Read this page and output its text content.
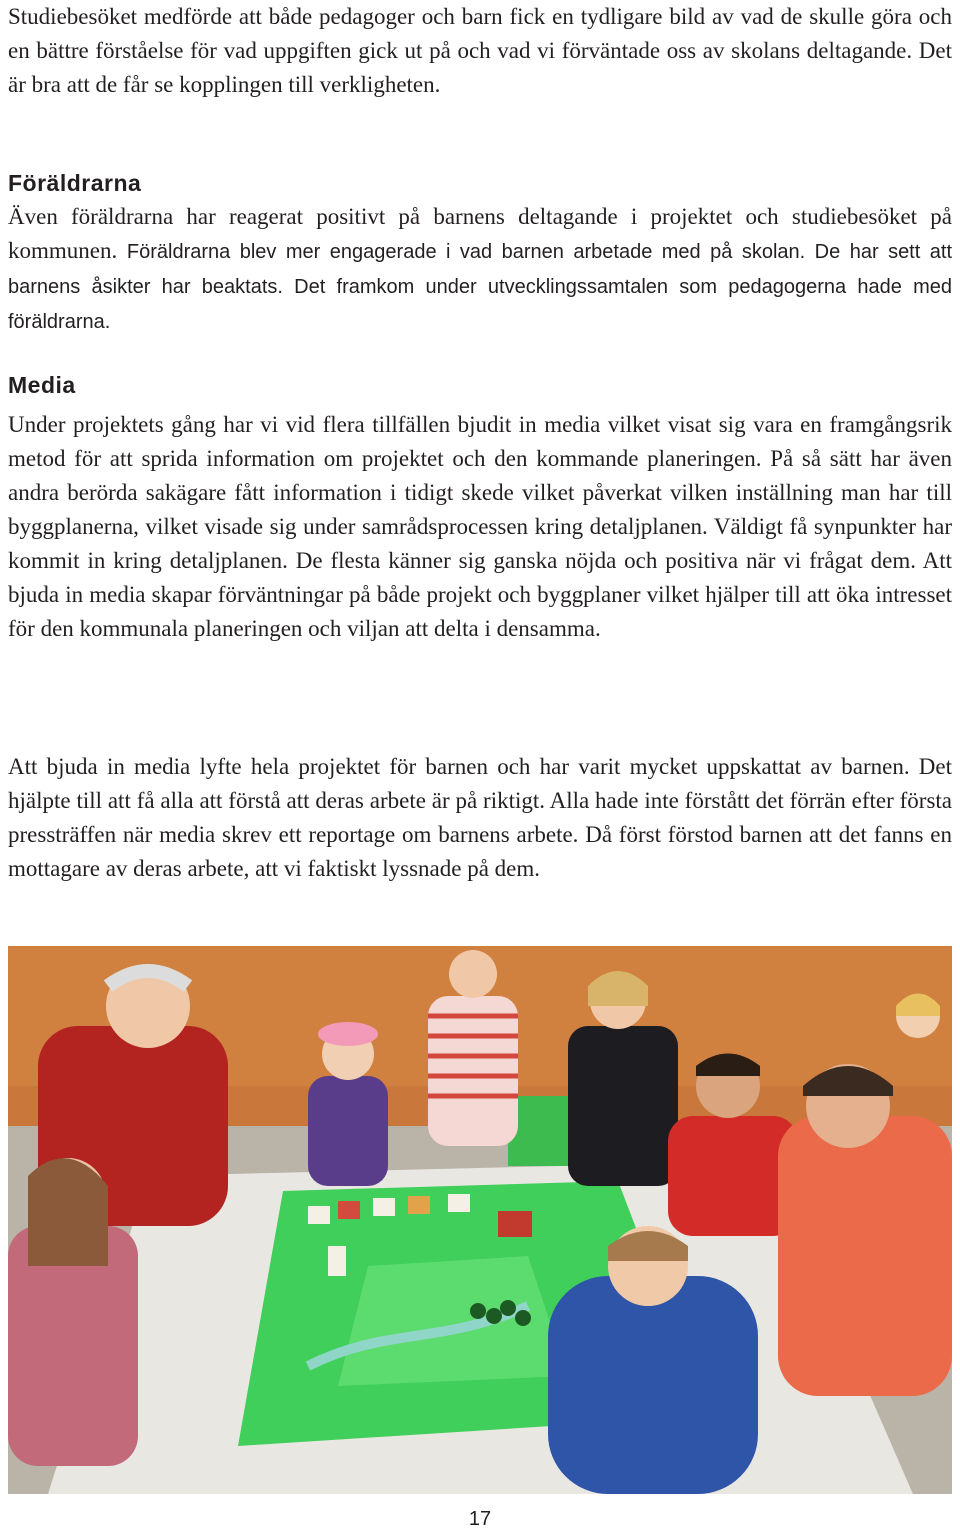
Studiebesöket medförde att både pedagoger och barn fick en tydligare bild av vad de skulle göra och en bättre förståelse för vad uppgiften gick ut på och vad vi förväntade oss av skolans deltagande. Det är bra att de får se kopplingen till verkligheten.

Föräldrarna

Även föräldrarna har reagerat positivt på barnens deltagande i projektet och studiebesöket på kommunen. Föräldrarna blev mer engagerade i vad barnen arbetade med på skolan. De har sett att barnens åsikter har beaktats. Det framkom under utvecklingssamtalen som pedagogerna hade med föräldrarna.

Media

Under projektets gång har vi vid flera tillfällen bjudit in media vilket visat sig vara en framgångsrik metod för att sprida information om projektet och den kommande planeringen. På så sätt har även andra berörda sakägare fått information i tidigt skede vilket påverkat vilken inställning man har till byggplanerna, vilket visade sig under samrådsprocessen kring detaljplanen. Väldigt få synpunkter har kommit in kring detaljplanen. De flesta känner sig ganska nöjda och positiva när vi frågat dem. Att bjuda in media skapar förväntningar på både projekt och byggplaner vilket hjälper till att öka intresset för den kommunala planeringen och viljan att delta i densamma.

Att bjuda in media lyfte hela projektet för barnen och har varit mycket uppskattat av barnen. Det hjälpte till att få alla att förstå att deras arbete är på riktigt. Alla hade inte förstått det förrän efter första pressträffen när media skrev ett reportage om barnens arbete. Då först förstod barnen att det fanns en mottagare av deras arbete, att vi faktiskt lyssnade på dem.

17
